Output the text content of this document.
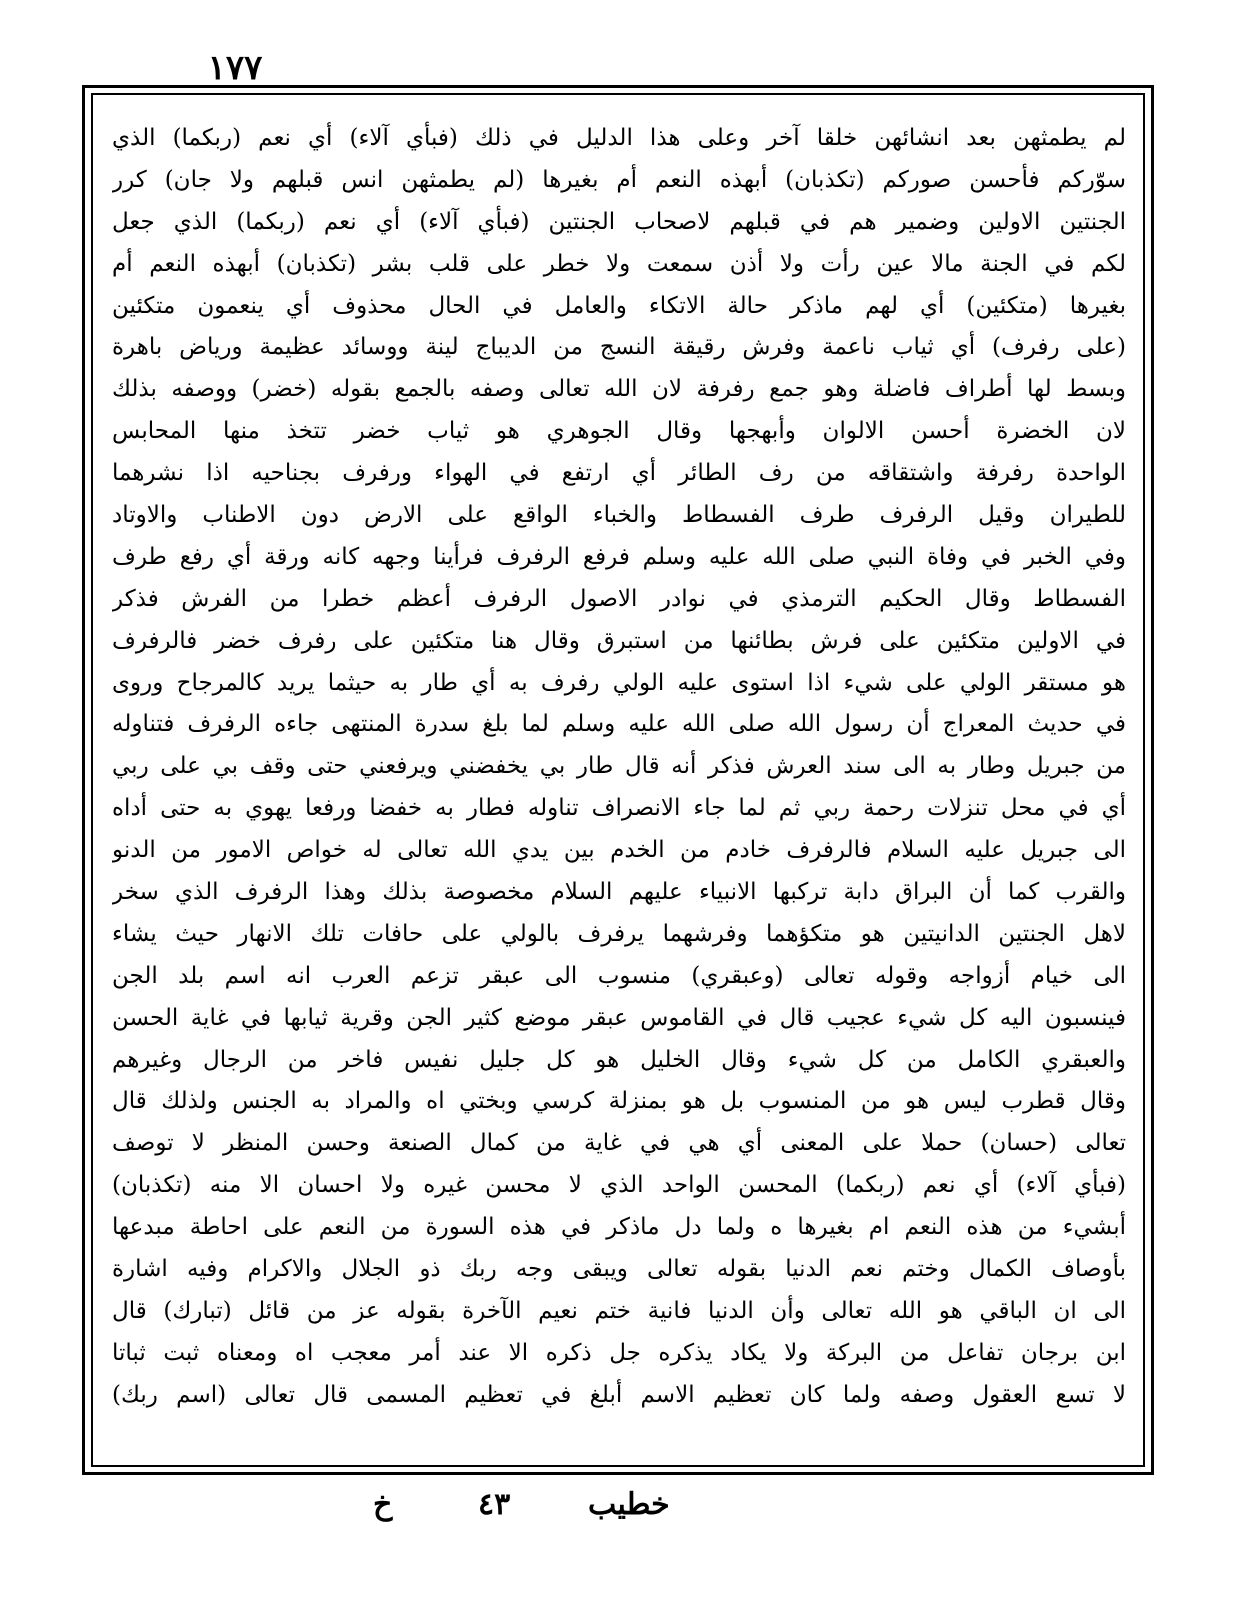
١٧٧
لم يطمثهن بعد انشائهن خلقا آخر وعلى هذا الدليل في ذلك (فبأي آلاء) أي نعم (ربكما) الذي
سوّركم فأحسن صوركم (تكذبان) أبهذه النعم أم بغيرها (لم يطمثهن انس قبلهم ولا جان) كرر
الجنتين الاولين وضمير هم في قبلهم لاصحاب الجنتين (فبأي آلاء) أي نعم (ربكما) الذي جعل
لكم في الجنة مالا عين رأت ولا أذن سمعت ولا خطر على قلب بشر (تكذبان) أبهذه النعم أم
بغيرها (متكئين) أي لهم ماذكر حالة الاتكاء والعامل في الحال محذوف أي ينعمون متكئين
(على رفرف) أي ثياب ناعمة وفرش رقيقة النسج من الديباج لينة ووسائد عظيمة ورياض باهرة
وبسط لها أطراف فاضلة وهو جمع رفرفة لان الله تعالى وصفه بالجمع بقوله (خضر) ووصفه بذلك
لان الخضرة أحسن الالوان وأبهجها وقال الجوهري هو ثياب خضر تتخذ منها المحابس
الواحدة رفرفة واشتقاقه من رف الطائر أي ارتفع في الهواء ورفرف بجناحيه اذا نشرهما
للطيران وقيل الرفرف طرف الفسطاط والخباء الواقع على الارض دون الاطناب والاوتاد
وفي الخبر في وفاة النبي صلى الله عليه وسلم فرفع الرفرف فرأينا وجهه كانه ورقة أي رفع طرف
الفسطاط وقال الحكيم الترمذي في نوادر الاصول الرفرف أعظم خطرا من الفرش فذكر
في الاولين متكئين على فرش بطائنها من استبرق وقال هنا متكئين على رفرف خضر فالرفرف
هو مستقر الولي على شيء اذا استوى عليه الولي رفرف به أي طار به حيثما يريد كالمرجاح وروى
في حديث المعراج أن رسول الله صلى الله عليه وسلم لما بلغ سدرة المنتهى جاءه الرفرف فتناوله
من جبريل وطار به الى سند العرش فذكر أنه قال طار بي يخفضني ويرفعني حتى وقف بي على ربي
أي في محل تنزلات رحمة ربي ثم لما جاء الانصراف تناوله فطار به خفضا ورفعا يهوي به حتى أداه
الى جبريل عليه السلام فالرفرف خادم من الخدم بين يدي الله تعالى له خواص الامور من الدنو
والقرب كما أن البراق دابة تركبها الانبياء عليهم السلام مخصوصة بذلك وهذا الرفرف الذي سخر
لاهل الجنتين الدانيتين هو متكؤهما وفرشهما يرفرف بالولي على حافات تلك الانهار حيث يشاء
الى خيام أزواجه وقوله تعالى (وعبقري) منسوب الى عبقر تزعم العرب انه اسم بلد الجن
فينسبون اليه كل شيء عجيب قال في القاموس عبقر موضع كثير الجن وقرية ثيابها في غاية الحسن
والعبقري الكامل من كل شيء وقال الخليل هو كل جليل نفيس فاخر من الرجال وغيرهم
وقال قطرب ليس هو من المنسوب بل هو بمنزلة كرسي وبختي اه والمراد به الجنس ولذلك قال
تعالى (حسان) حملا على المعنى أي هي في غاية من كمال الصنعة وحسن المنظر لا توصف
(فبأي آلاء) أي نعم (ربكما) المحسن الواحد الذي لا محسن غيره ولا احسان الا منه (تكذبان)
أبشيء من هذه النعم ام بغيرها ه ولما دل ماذكر في هذه السورة من النعم على احاطة مبدعها
بأوصاف الكمال وختم نعم الدنيا بقوله تعالى ويبقى وجه ربك ذو الجلال والاكرام وفيه اشارة
الى ان الباقي هو الله تعالى وأن الدنيا فانية ختم نعيم الآخرة بقوله عز من قائل (تبارك) قال
ابن برجان تفاعل من البركة ولا يكاد يذكره جل ذكره الا عند أمر معجب اه ومعناه ثبت ثباتا
لا تسع العقول وصفه ولما كان تعظيم الاسم أبلغ في تعظيم المسمى قال تعالى (اسم ربك)
خطيب
٤٣
خ
